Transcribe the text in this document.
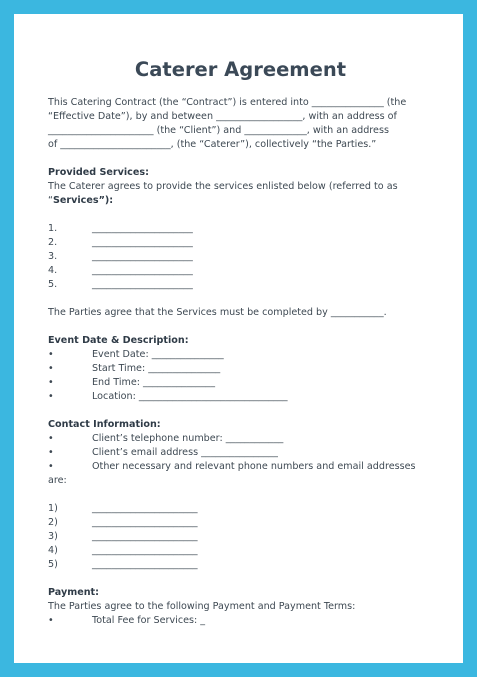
Caterer Agreement
This Catering Contract (the “Contract”) is entered into _______________ (the
“Effective Date”), by and between __________________, with an address of
______________________ (the “Client”) and _____________, with an address
of _______________________, (the “Caterer”), collectively “the Parties.”
Provided Services:
The Caterer agrees to provide the services enlisted below (referred to as
“Services”):
1.	_____________________
2.	_____________________
3.	_____________________
4.	_____________________
5.	_____________________
The Parties agree that the Services must be completed by ___________.
Event Date & Description:
•	Event Date: _______________
•	Start Time: _______________
•	End Time: _______________
•	Location: _______________________________
Contact Information:
•	Client’s telephone number: ____________
•	Client’s email address ________________
•	Other necessary and relevant phone numbers and email addresses
are:
1)	______________________
2)	______________________
3)	______________________
4)	______________________
5)	______________________
Payment:
The Parties agree to the following Payment and Payment Terms:
•	Total Fee for Services: _
